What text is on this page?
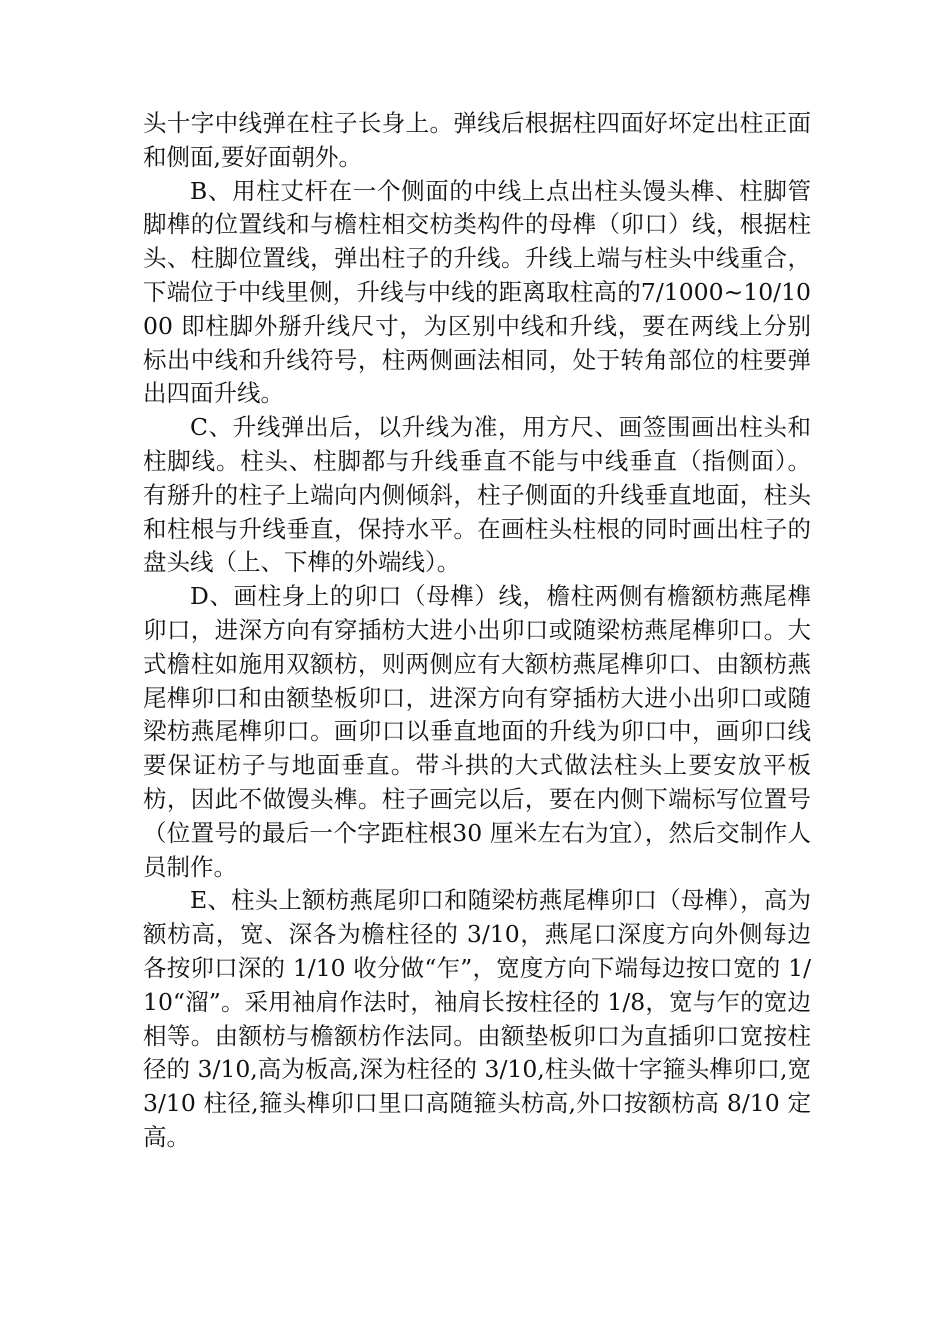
头十字中线弹在柱子长身上。弹线后根据柱四面好坏定出柱正面和侧面,要好面朝外。

B、用柱丈杆在一个侧面的中线上点出柱头馒头榫、柱脚管脚榫的位置线和与檐柱相交枋类构件的母榫（卯口）线，根据柱头、柱脚位置线，弹出柱子的升线。升线上端与柱头中线重合，下端位于中线里侧，升线与中线的距离取柱高的7/1000~10/1000 即柱脚外掰升线尺寸，为区别中线和升线，要在两线上分别标出中线和升线符号，柱两侧画法相同，处于转角部位的柱要弹出四面升线。

C、升线弹出后，以升线为准，用方尺、画签围画出柱头和柱脚线。柱头、柱脚都与升线垂直不能与中线垂直（指侧面）。有掰升的柱子上端向内侧倾斜，柱子侧面的升线垂直地面，柱头和柱根与升线垂直，保持水平。在画柱头柱根的同时画出柱子的盘头线（上、下榫的外端线）。

D、画柱身上的卯口（母榫）线，檐柱两侧有檐额枋燕尾榫卯口，进深方向有穿插枋大进小出卯口或随梁枋燕尾榫卯口。大式檐柱如施用双额枋，则两侧应有大额枋燕尾榫卯口、由额枋燕尾榫卯口和由额垫板卯口，进深方向有穿插枋大进小出卯口或随梁枋燕尾榫卯口。画卯口以垂直地面的升线为卯口中，画卯口线要保证枋子与地面垂直。带斗拱的大式做法柱头上要安放平板枋，因此不做馒头榫。柱子画完以后，要在内侧下端标写位置号（位置号的最后一个字距柱根30 厘米左右为宜），然后交制作人员制作。

E、柱头上额枋燕尾卯口和随梁枋燕尾榫卯口（母榫），高为额枋高，宽、深各为檐柱径的 3/10，燕尾口深度方向外侧每边各按卯口深的 1/10 收分做“乍”，宽度方向下端每边按口宽的 1/10“溜”。采用袖肩作法时，袖肩长按柱径的 1/8，宽与乍的宽边相等。由额枋与檐额枋作法同。由额垫板卯口为直插卯口宽按柱径的 3/10,高为板高,深为柱径的 3/10,柱头做十字箍头榫卯口,宽 3/10 柱径,箍头榫卯口里口高随箍头枋高,外口按额枋高 8/10 定高。
